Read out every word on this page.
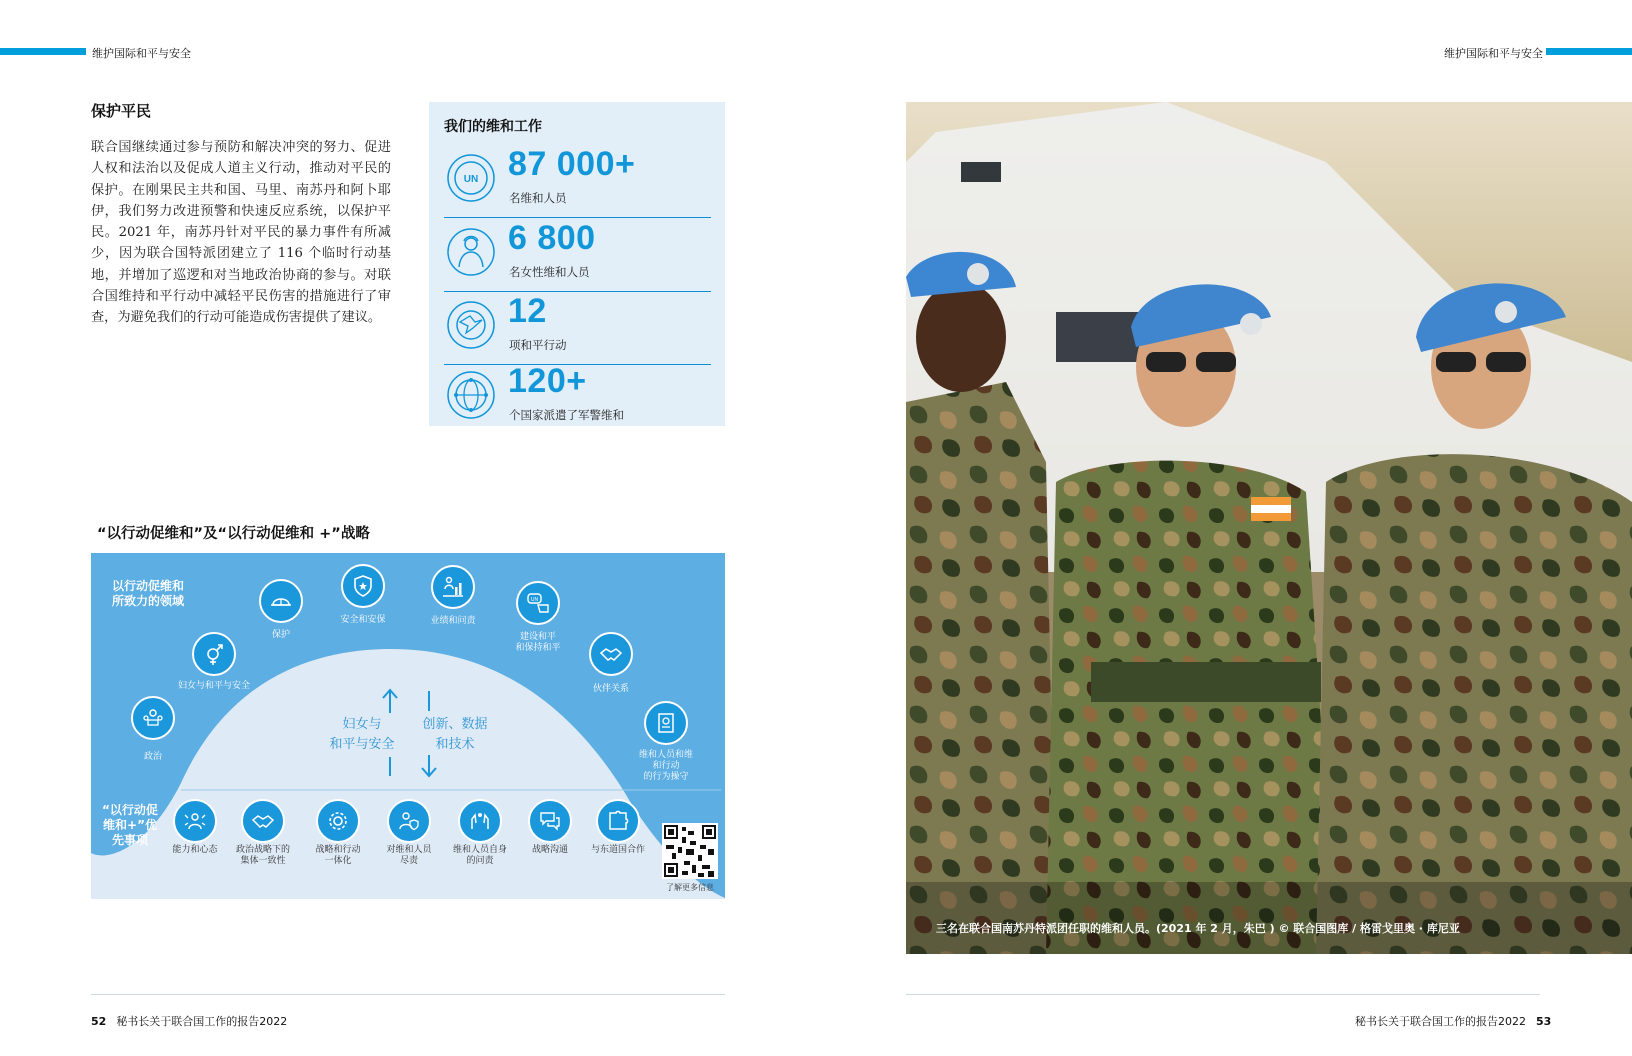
维护国际和平与安全	维护国际和平与安全
保护平民
联合国继续通过参与预防和解决冲突的努力、促进人权和法治以及促成人道主义行动，推动对平民的保护。在刚果民主共和国、马里、南苏丹和阿卜耶伊，我们努力改进预警和快速反应系统，以保护平民。2021 年，南苏丹针对平民的暴力事件有所减少，因为联合国特派团建立了 116 个临时行动基地，并增加了巡逻和对当地政治协商的参与。对联合国维持和平行动中减轻平民伤害的措施进行了审查，为避免我们的行动可能造成伤害提供了建议。
我们的维和工作
UN 87 000+
名维和人员
6 800
名女性维和人员
12
项和平行动
120+
个国家派遣了军警维和
“以行动促维和”及“以行动促维和 +”战略
以行动促维和
所致力的领域
政治
妇女与和平与安全
保护
安全和安保	业绩和问责
UN
建设和平
和保持和平
伙伴关系
维和人员和维和行动
的行为操守
妇女与
和平与安全
创新、数据
和技术
“以行动促
维和+”优
先事项
能力和心态 政治战略下的
集体一致性
战略和行动
一体化
对维和人员
尽责
维和人员自身
的问责
战略沟通	与东道国合作
了解更多信息
三名在联合国南苏丹特派团任职的维和人员。(2021 年 2 月，朱巴 ) © 联合国图库 / 格雷戈里奥 · 库尼亚
52 秘书长关于联合国工作的报告2022	秘书长关于联合国工作的报告2022 53
